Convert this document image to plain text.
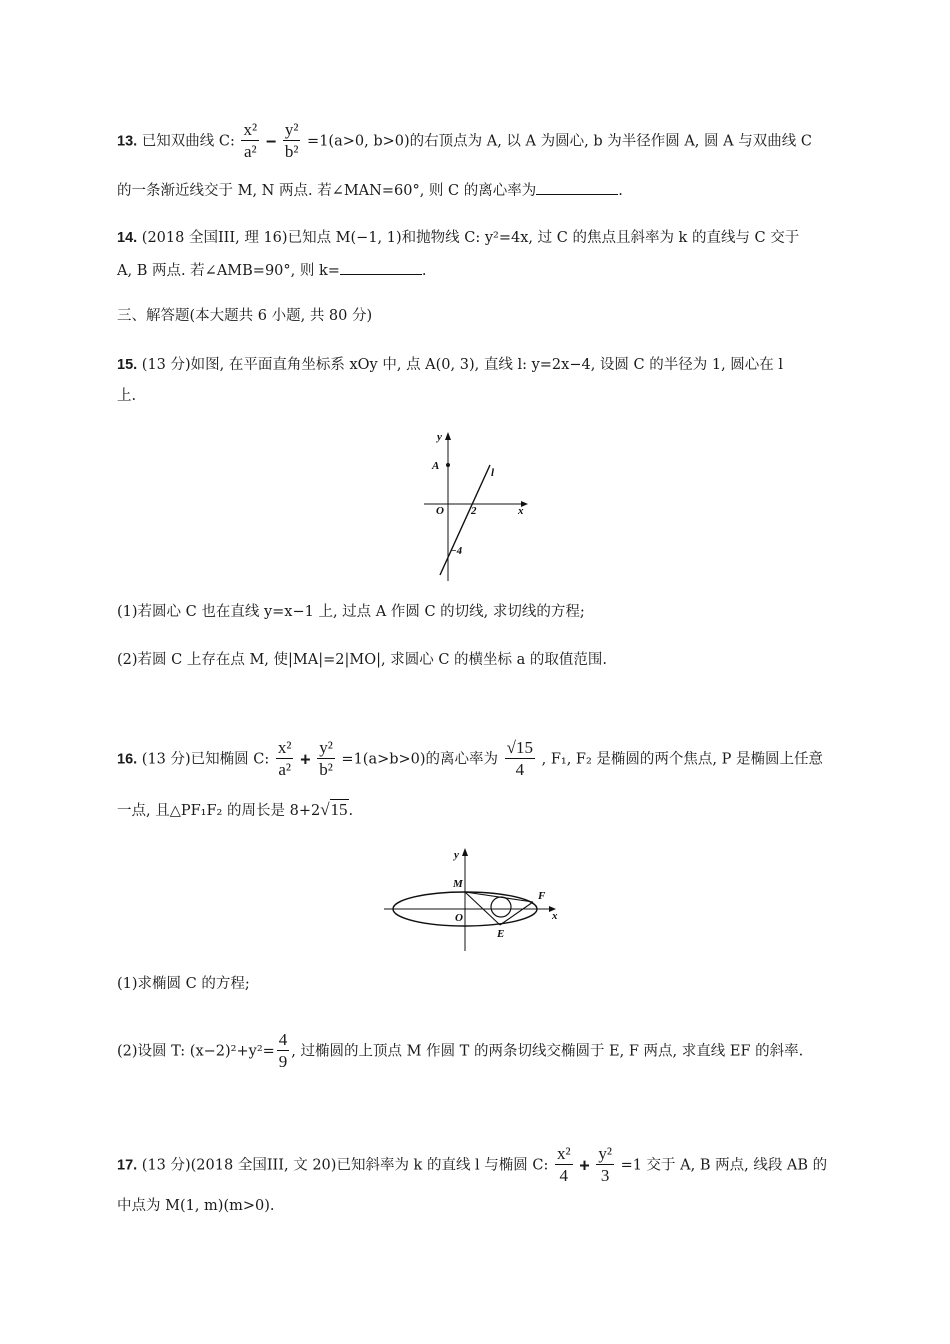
13. 已知双曲线 C: $\frac{\text{x²}}{\text{a²}} - \frac{\text{y²}}{\text{b²}} =1(a>0$, b>0)的右顶点为 A, 以 A 为圆心, b 为半径作圆 A, 圆 A 与双曲线 C
的一条渐近线交于 M, N 两点. 若∠MAN=60°, 则 C 的离心率为	.
14. (2018 全国III, 理 16)已知点 M(−1, 1)和抛物线 C: y²=4x, 过 C 的焦点且斜率为 k 的直线与 C 交于
A, B 两点. 若∠AMB=90°, 则 k=	.
三、解答题(本大题共 6 小题, 共 80 分)
15. (13 分)如图, 在平面直角坐标系 xOy 中, 点 A(0, 3), 直线 l: y=2x−4, 设圆 C 的半径为 1, 圆心在 l
上.
y
A
l
O 2	x
−4
(1)若圆心 C 也在直线 y=x−1 上, 过点 A 作圆 C 的切线, 求切线的方程;
(2)若圆 C 上存在点 M, 使|MA|=2|MO|, 求圆心 C 的横坐标 a 的取值范围.
16. (13 分)已知椭圆 C: $\frac{\text{x²}}{\text{a²}} + \frac{\text{y²}}{\text{b²}} =1(a>b>0)$的离心率为 $\frac{√15}{4}$ , F₁, F₂ 是椭圆的两个焦点, P 是椭圆上任意
一点, 且△PF₁F₂ 的周长是 8+2√15.
y
M
F
O	x
E
(1)求椭圆 C 的方程;
(2)设圆 T: $(x-2)^2+y^2= \frac{4}{9}$ , 过椭圆的上顶点 M 作圆 T 的两条切线交椭圆于 E, F 两点, 求直线 EF 的斜率.
17. (13 分)(2018 全国III, 文 20)已知斜率为 k 的直线 l 与椭圆 C: $\frac{\text{x²}}{4} + \frac{\text{y²}}{3} =1$ 交于 A, B 两点, 线段 AB 的
中点为 M(1, m)(m>0).
